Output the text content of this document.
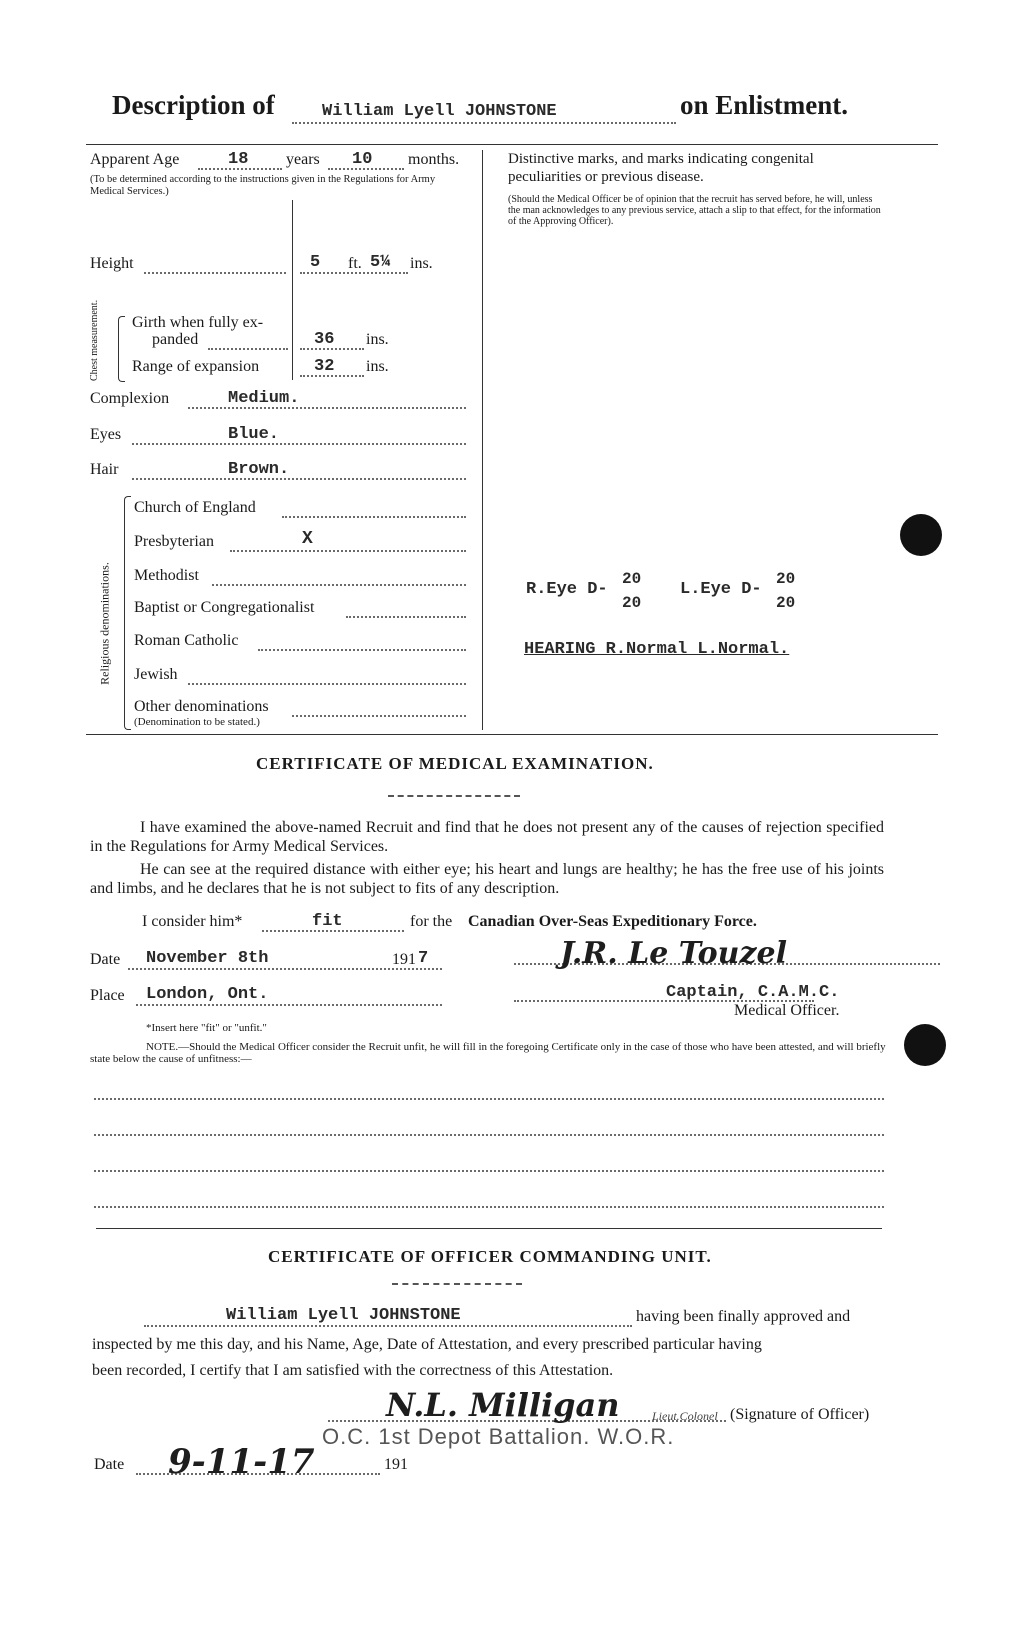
Description of	William Lyell JOHNSTONE	on Enlistment.
Apparent Age	18 years 10 months.
(To be determined according to the instructions given in the Regulations for Army Medical Services.)
Height	5 ft. 5¼ ins.
Chest measurement. Girth when fully ex-
panded	36 ins.
Range of expansion	32 ins.
Complexion	Medium.
Eyes	Blue.
Hair	Brown.
Religious denominations.
Church of England
Presbyterian	X
Methodist
Baptist or Congregationalist
Roman Catholic
Jewish
Other denominations
(Denomination to be stated.)
Distinctive marks, and marks indicating congenital peculiarities or previous disease.
(Should the Medical Officer be of opinion that the recruit has served before, he will, unless the man acknowledges to any previous service, attach a slip to that effect, for the information of the Approving Officer).
R.Eye D-
20
20
L.Eye D-
20
20
HEARING R.Normal L.Normal.
CERTIFICATE OF MEDICAL EXAMINATION.
I have examined the above-named Recruit and find that he does not present any of the causes of rejection specified in the Regulations for Army Medical Services.
He can see at the required distance with either eye; his heart and lungs are healthy; he has the free use of his joints and limbs, and he declares that he is not subject to fits of any description.
I consider him*	fit	for the Canadian Over-Seas Expeditionary Force.
Date November 8th	191 7
Place London, Ont.
J.R. Le Touzel
Captain, C.A.M.C.
Medical Officer.
*Insert here "fit" or "unfit."
NOTE.—Should the Medical Officer consider the Recruit unfit, he will fill in the foregoing Certificate only in the case of those who have been attested, and will briefly state below the cause of unfitness:—
CERTIFICATE OF OFFICER COMMANDING UNIT.
William Lyell JOHNSTONE	having been finally approved and
inspected by me this day, and his Name, Age, Date of Attestation, and every prescribed particular having
been recorded, I certify that I am satisfied with the correctness of this Attestation.
N.L. Milligan	Lieut.Colonel (Signature of Officer)
O.C. 1st Depot Battalion. W.O.R.
Date 9-11-17	191
